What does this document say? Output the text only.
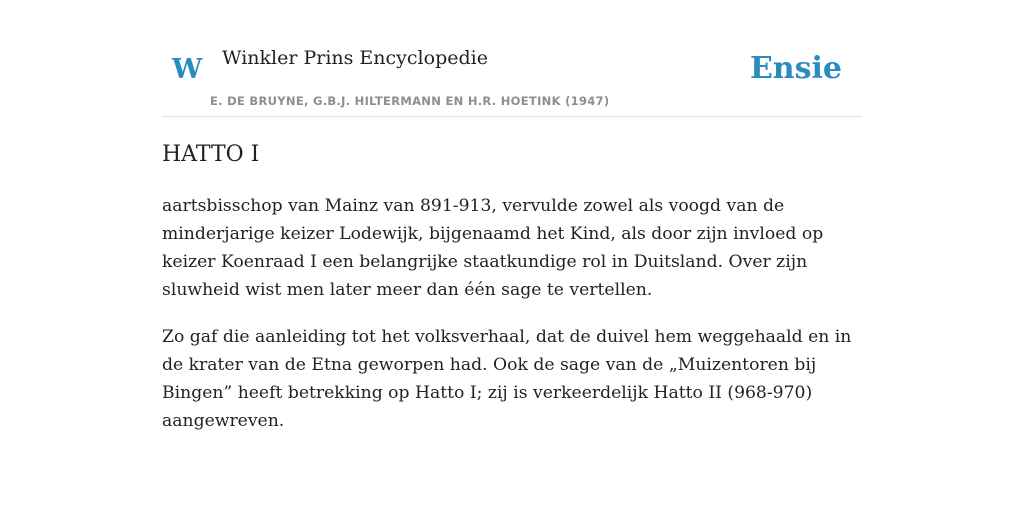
W Winkler Prins Encyclopedie
E. DE BRUYNE, G.B.J. HILTERMANN EN H.R. HOETINK (1947)
Ensie
HATTO I

aartsbisschop van Mainz van 891-913, vervulde zowel als voogd van de minderjarige keizer Lodewijk, bijgenaamd het Kind, als door zijn invloed op keizer Koenraad I een belangrijke staatkundige rol in Duitsland. Over zijn sluwheid wist men later meer dan één sage te vertellen.

Zo gaf die aanleiding tot het volksverhaal, dat de duivel hem weggehaald en in de krater van de Etna geworpen had. Ook de sage van de „Muizentoren bij Bingen” heeft betrekking op Hatto I; zij is verkeerdelijk Hatto II (968-970) aangewreven.
